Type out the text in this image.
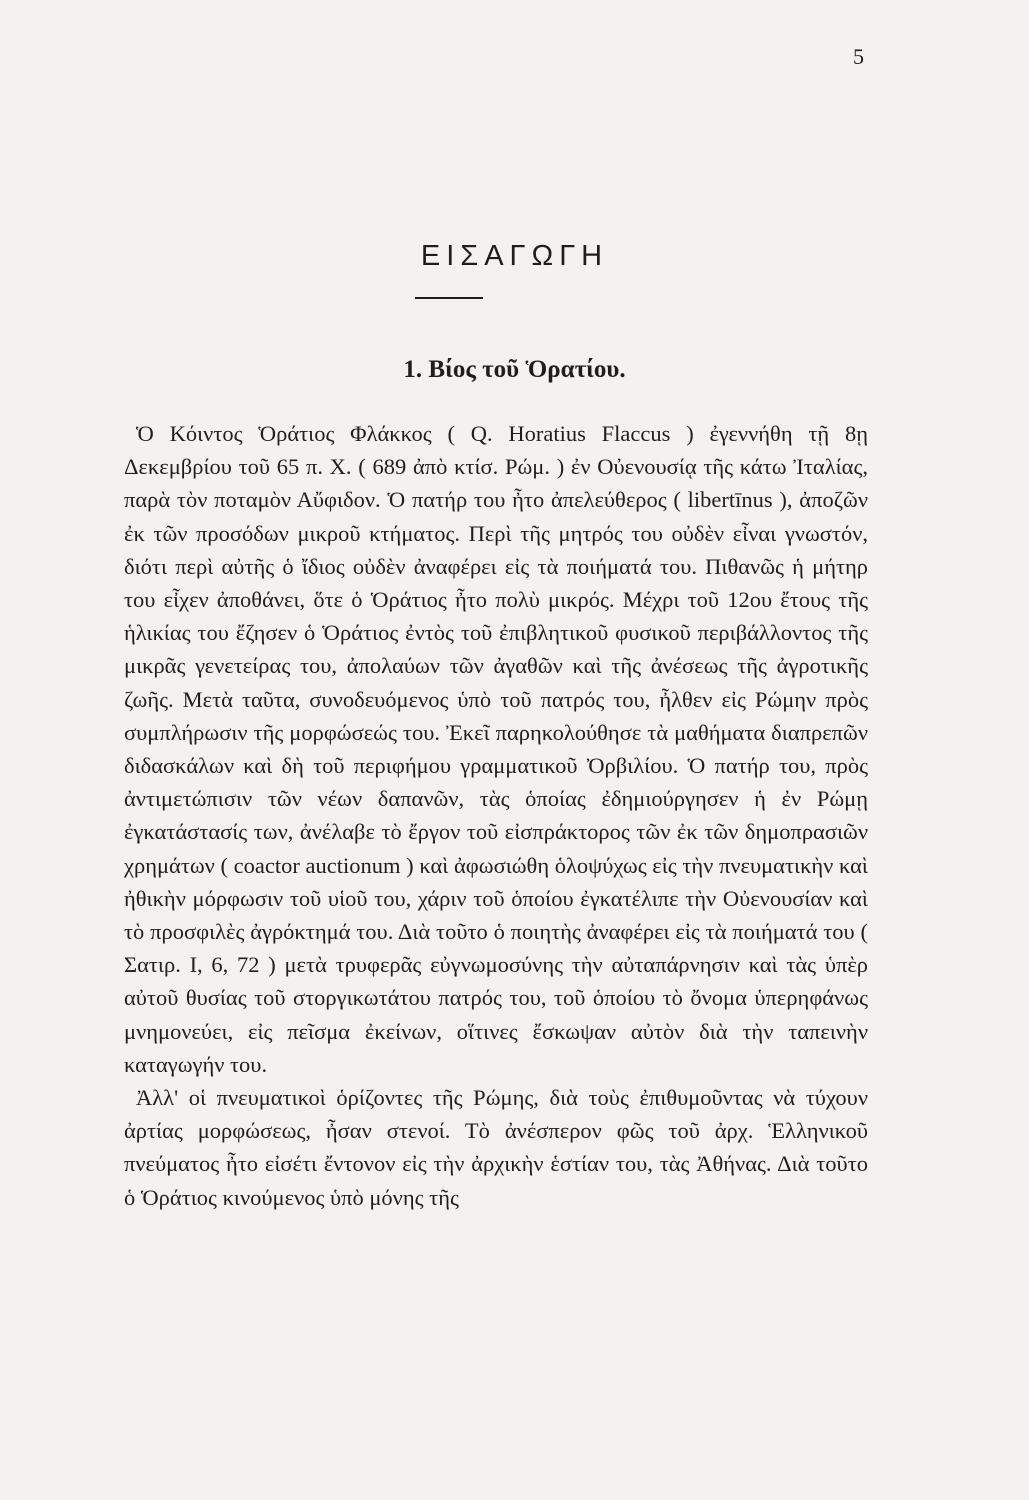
5
ΕΙΣΑΓΩΓΗ
1. Βίος τοῦ Ὁρατίου.

Ὁ Κόιντος Ὁράτιος Φλάκκος ( Q. Horatius Flaccus ) ἐγεννήθη τῇ 8ῃ Δεκεμβρίου τοῦ 65 π. Χ. ( 689 ἀπὸ κτίσ. Ρώμ. ) ἐν Οὐενουσίᾳ τῆς κάτω Ἰταλίας, παρὰ τὸν ποταμὸν Αὔφιδον. Ὁ πατήρ του ἦτο ἀπελεύθερος ( libertīnus ), ἀποζῶν ἐκ τῶν προσόδων μικροῦ κτήματος. Περὶ τῆς μητρός του οὐδὲν εἶναι γνωστόν, διότι περὶ αὐτῆς ὁ ἴδιος οὐδὲν ἀναφέρει εἰς τὰ ποιήματά του. Πιθανῶς ἡ μήτηρ του εἶχεν ἀποθάνει, ὅτε ὁ Ὁράτιος ἦτο πολὺ μικρός. Μέχρι τοῦ 12ου ἔτους τῆς ἡλικίας του ἔζησεν ὁ Ὁράτιος ἐντὸς τοῦ ἐπιβλητικοῦ φυσικοῦ περιβάλλοντος τῆς μικρᾶς γενετείρας του, ἀπολαύων τῶν ἀγαθῶν καὶ τῆς ἀνέσεως τῆς ἀγροτικῆς ζωῆς. Μετὰ ταῦτα, συνοδευόμενος ὑπὸ τοῦ πατρός του, ἦλθεν εἰς Ρώμην πρὸς συμπλήρωσιν τῆς μορφώσεώς του. Ἐκεῖ παρηκολούθησε τὰ μαθήματα διαπρεπῶν διδασκάλων καὶ δὴ τοῦ περιφήμου γραμματικοῦ Ὀρβιλίου. Ὁ πατήρ του, πρὸς ἀντιμετώπισιν τῶν νέων δαπανῶν, τὰς ὁποίας ἐδημιούργησεν ἡ ἐν Ρώμῃ ἐγκατάστασίς των, ἀνέλαβε τὸ ἔργον τοῦ εἰσπράκτορος τῶν ἐκ τῶν δημοπρασιῶν χρημάτων ( coactor auctionum ) καὶ ἀφωσιώθη ὁλοψύχως εἰς τὴν πνευματικὴν καὶ ἠθικὴν μόρφωσιν τοῦ υἱοῦ του, χάριν τοῦ ὁποίου ἐγκατέλιπε τὴν Οὐενουσίαν καὶ τὸ προσφιλὲς ἀγρόκτημά του. Διὰ τοῦτο ὁ ποιητὴς ἀναφέρει εἰς τὰ ποιήματά του ( Σατιρ. I, 6, 72 ) μετὰ τρυφερᾶς εὐγνωμοσύνης τὴν αὐταπάρνησιν καὶ τὰς ὑπὲρ αὐτοῦ θυσίας τοῦ στοργικωτάτου πατρός του, τοῦ ὁποίου τὸ ὄνομα ὑπερηφάνως μνημονεύει, εἰς πεῖσμα ἐκείνων, οἵτινες ἔσκωψαν αὐτὸν διὰ τὴν ταπεινὴν καταγωγήν του.

Ἀλλ' οἱ πνευματικοὶ ὁρίζοντες τῆς Ρώμης, διὰ τοὺς ἐπιθυμοῦντας νὰ τύχουν ἀρτίας μορφώσεως, ἦσαν στενοί. Τὸ ἀνέσπερον φῶς τοῦ ἀρχ. Ἑλληνικοῦ πνεύματος ἦτο εἰσέτι ἔντονον εἰς τὴν ἀρχικὴν ἑστίαν του, τὰς Ἀθήνας. Διὰ τοῦτο ὁ Ὁράτιος κινούμενος ὑπὸ μόνης τῆς
